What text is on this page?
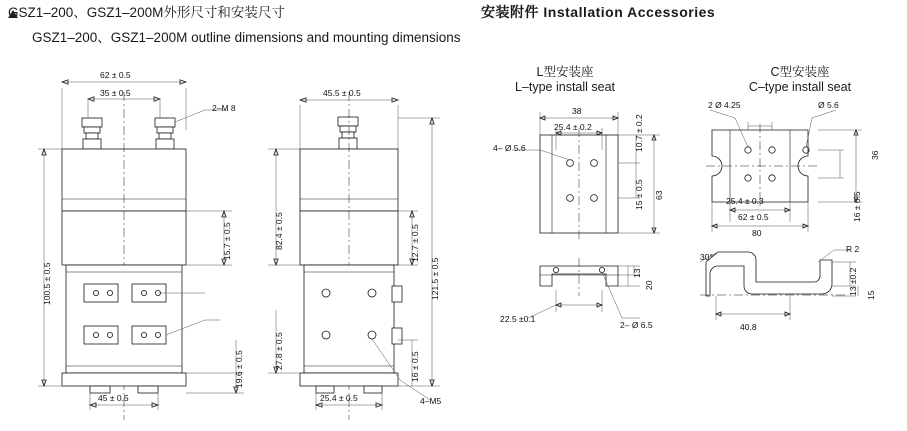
GSZ1–200、GSZ1–200M外形尺寸和安装尺寸
GSZ1–200、GSZ1–200M outline dimensions and mounting dimensions
安装附件 Installation Accessories
L型安装座
L–type install seat
C型安装座
C–type install seat
62 ± 0.5
35 ± 0.5
2–M 8
100.5 ± 0.5
15.7 ± 0.5
19.6 ± 0.5
45 ± 0.5
45.5 ± 0.5
82.4 ± 0.5
27.8 ± 0.5
121.5 ± 0.5
12.7 ± 0.5
16 ± 0.5
25.4 ± 0.5	4–M5
38
25.4 ± 0.2
4– Ø 5.6	10.7 ± 0.2
63
15 ± 0.5
13
20
22.5 ±0.1
2– Ø 6.5
2 Ø 4.25	Ø 5.6
25.4 ± 0.3
62 ± 0.5
80
36
16 ± 0.5
13 ±0.2 15
R 2
30°
40.8
